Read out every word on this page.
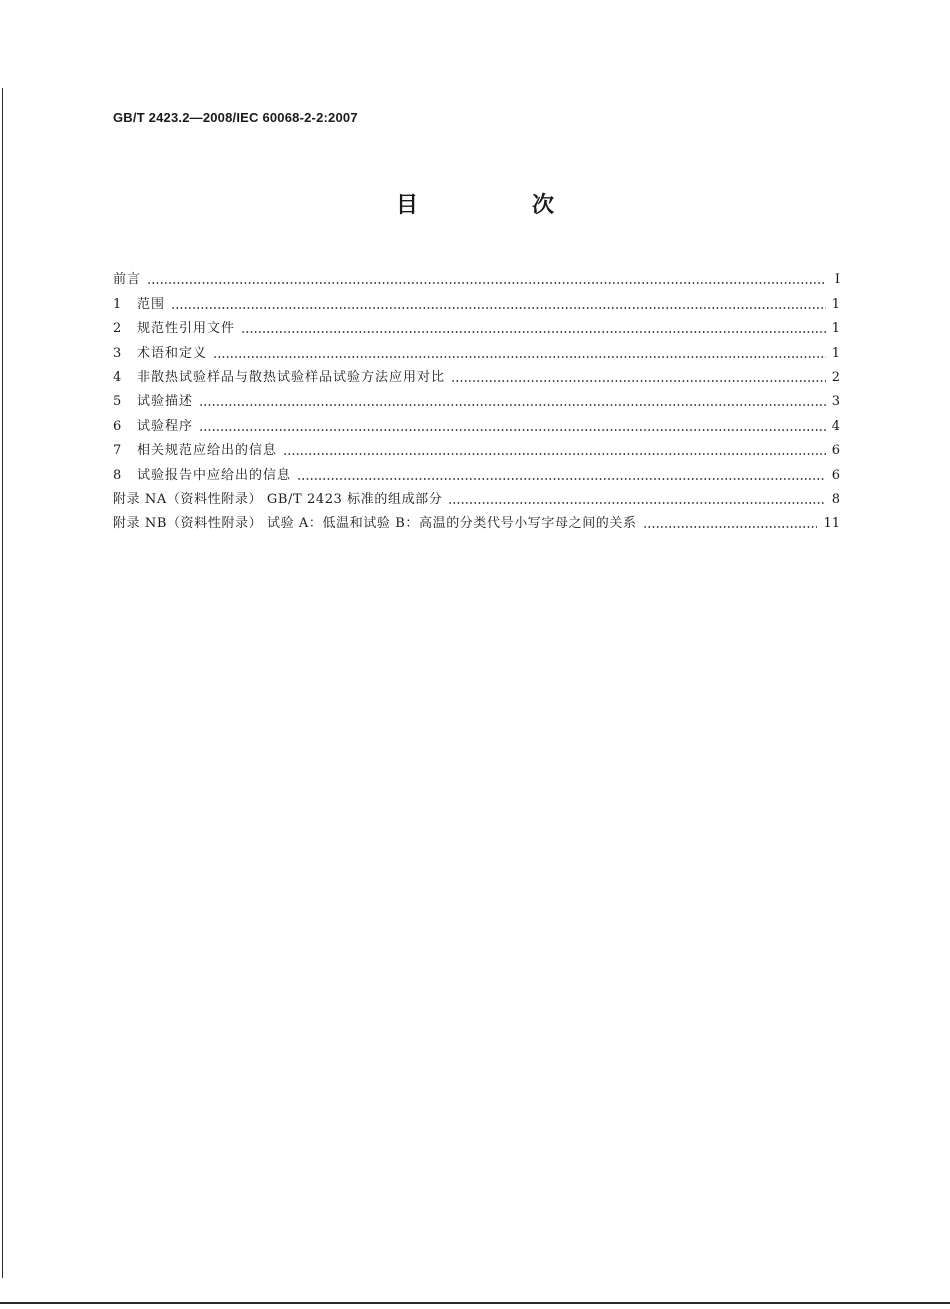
GB/T 2423.2—2008/IEC 60068-2-2:2007
目　次
前言	Ⅰ
1	范围	1
2	规范性引用文件	1
3	术语和定义	1
4	非散热试验样品与散热试验样品试验方法应用对比	2
5	试验描述	3
6	试验程序	4
7	相关规范应给出的信息	6
8	试验报告中应给出的信息	6
附录 NA（资料性附录） GB/T 2423 标准的组成部分	8
附录 NB（资料性附录） 试验 A：低温和试验 B：高温的分类代号小写字母之间的关系	11
